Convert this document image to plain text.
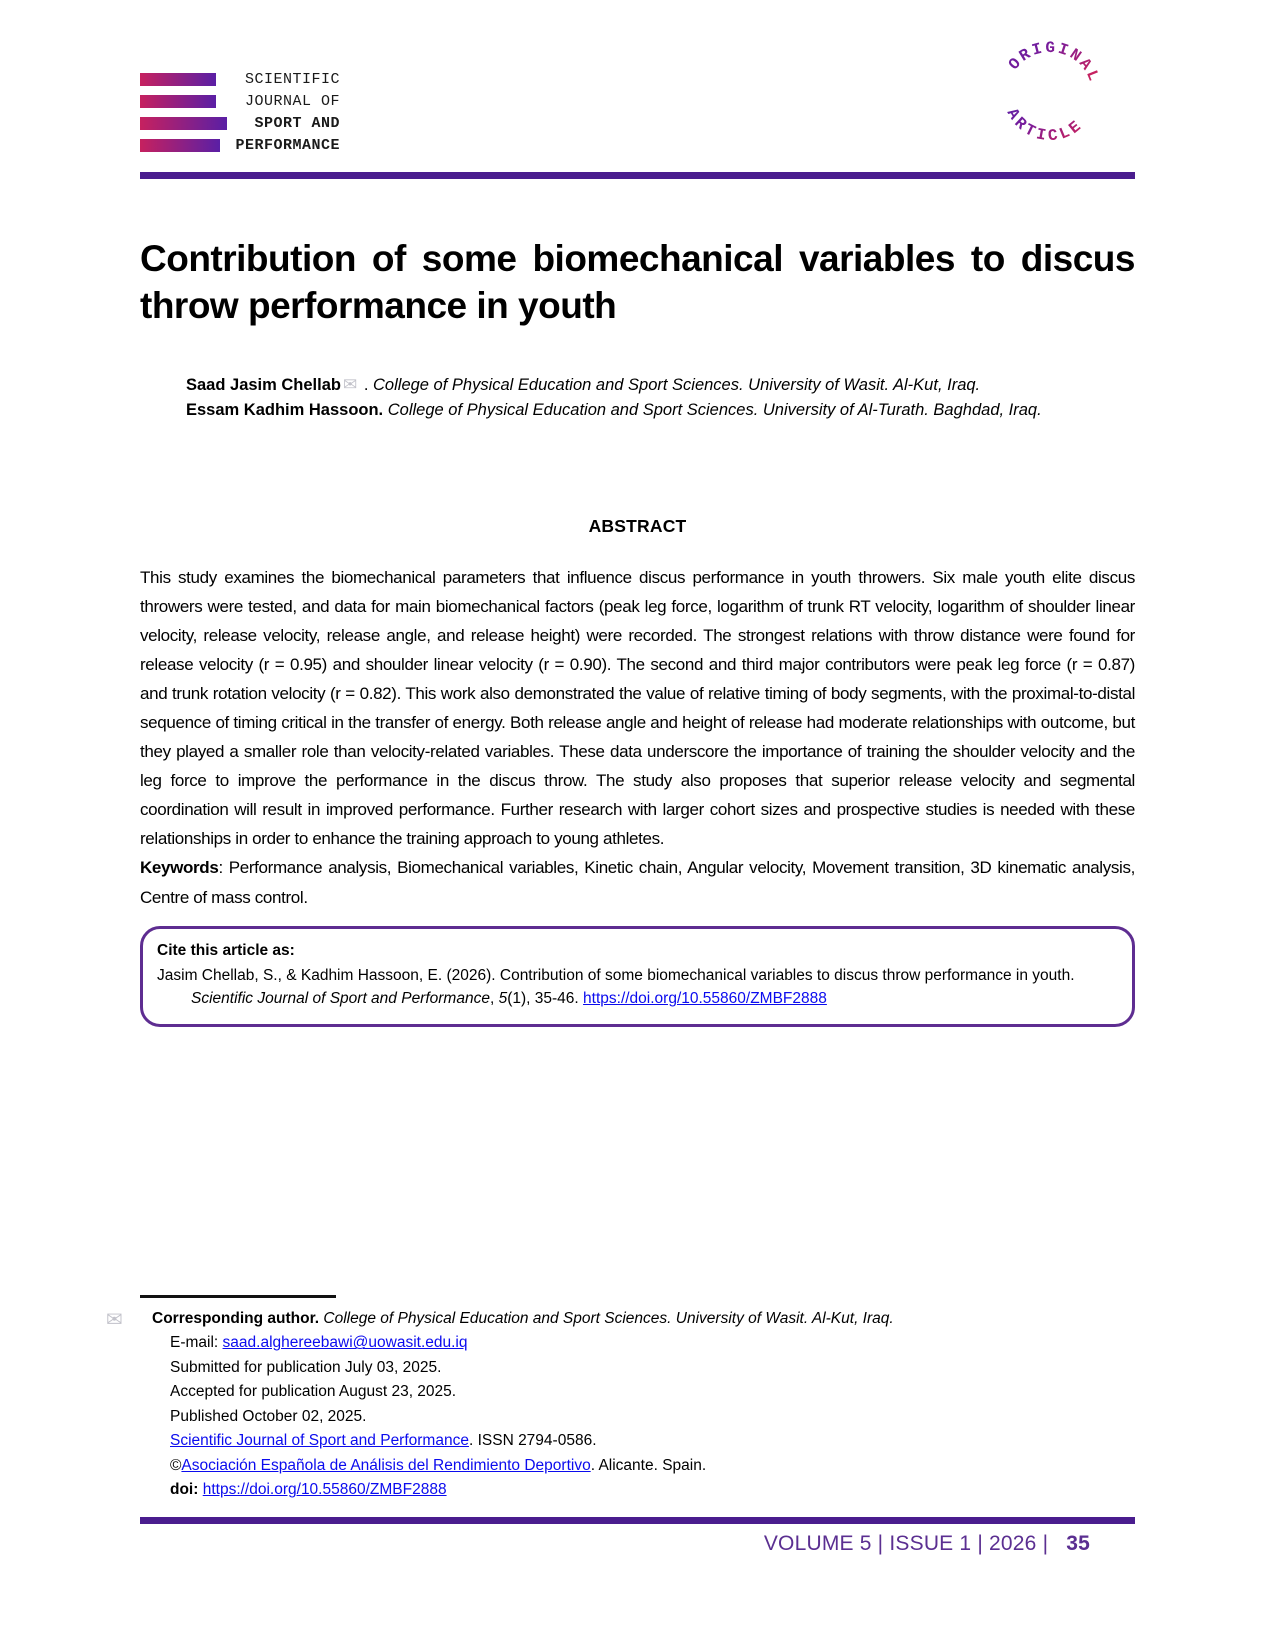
SCIENTIFIC
JOURNAL OF
SPORT AND
PERFORMANCE
ORIGINAL
ARTICLE
Contribution of some biomechanical variables to discus throw performance in youth
Saad Jasim Chellab ✉ . College of Physical Education and Sport Sciences. University of Wasit. Al-Kut, Iraq.
Essam Kadhim Hassoon. College of Physical Education and Sport Sciences. University of Al-Turath. Baghdad, Iraq.
ABSTRACT

This study examines the biomechanical parameters that influence discus performance in youth throwers. Six male youth elite discus throwers were tested, and data for main biomechanical factors (peak leg force, logarithm of trunk RT velocity, logarithm of shoulder linear velocity, release velocity, release angle, and release height) were recorded. The strongest relations with throw distance were found for release velocity (r = 0.95) and shoulder linear velocity (r = 0.90). The second and third major contributors were peak leg force (r = 0.87) and trunk rotation velocity (r = 0.82). This work also demonstrated the value of relative timing of body segments, with the proximal-to-distal sequence of timing critical in the transfer of energy. Both release angle and height of release had moderate relationships with outcome, but they played a smaller role than velocity-related variables. These data underscore the importance of training the shoulder velocity and the leg force to improve the performance in the discus throw. The study also proposes that superior release velocity and segmental coordination will result in improved performance. Further research with larger cohort sizes and prospective studies is needed with these relationships in order to enhance the training approach to young athletes.

Keywords: Performance analysis, Biomechanical variables, Kinetic chain, Angular velocity, Movement transition, 3D kinematic analysis, Centre of mass control.

Cite this article as:
Jasim Chellab, S., & Kadhim Hassoon, E. (2026). Contribution of some biomechanical variables to discus throw performance in youth. Scientific Journal of Sport and Performance, 5(1), 35-46. https://doi.org/10.55860/ZMBF2888
✉ Corresponding author. College of Physical Education and Sport Sciences. University of Wasit. Al-Kut, Iraq.
E-mail: saad.alghereebawi@uowasit.edu.iq
Submitted for publication July 03, 2025.
Accepted for publication August 23, 2025.
Published October 02, 2025.
Scientific Journal of Sport and Performance. ISSN 2794-0586.
©Asociación Española de Análisis del Rendimiento Deportivo. Alicante. Spain.
doi: https://doi.org/10.55860/ZMBF2888
VOLUME 5 | ISSUE 1 | 2026 | 35
